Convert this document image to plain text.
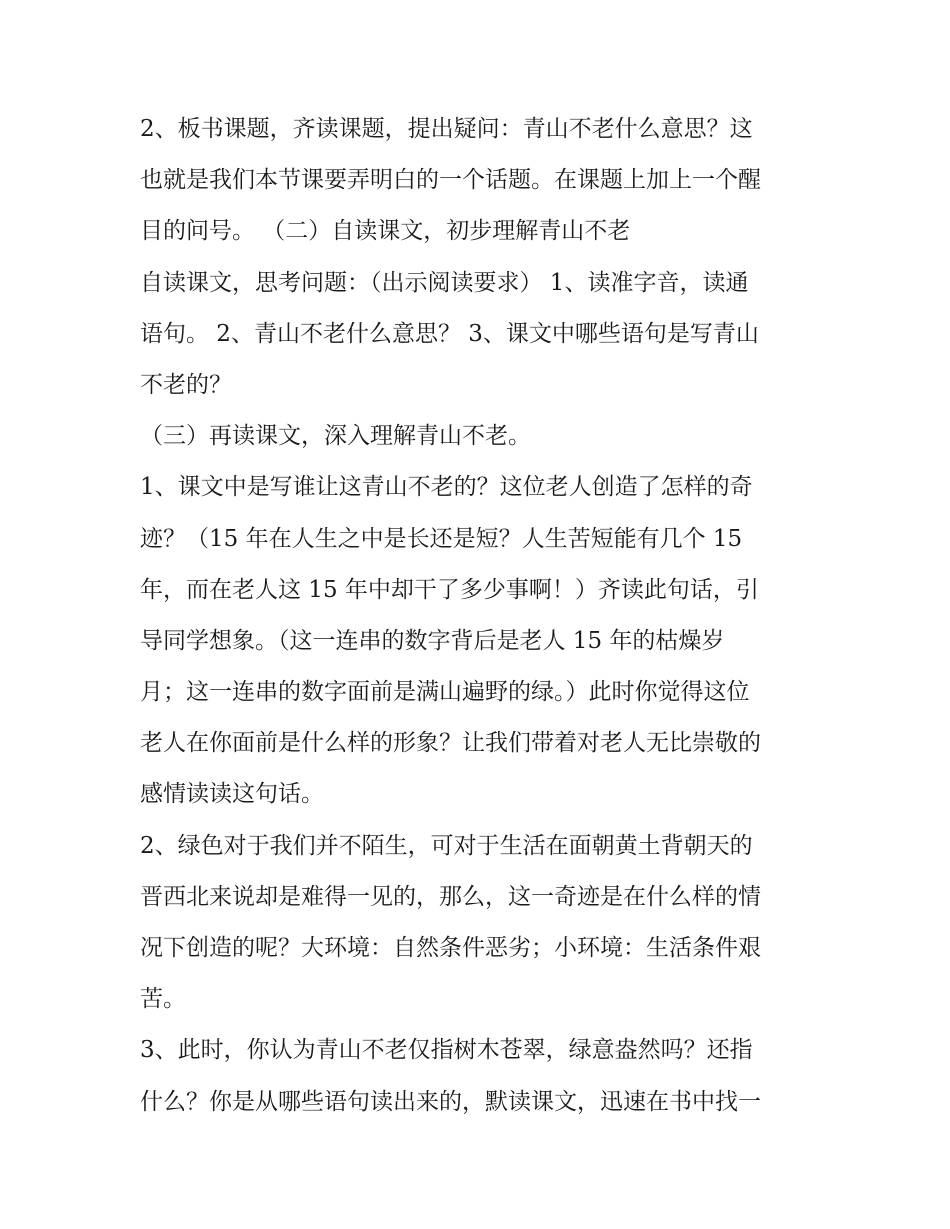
2、板书课题，齐读课题，提出疑问：青山不老什么意思？这
也就是我们本节课要弄明白的一个话题。在课题上加上一个醒
目的问号。 （二）自读课文，初步理解青山不老
自读课文，思考问题：（出示阅读要求） 1、读准字音，读通
语句。 2、青山不老什么意思？ 3、课文中哪些语句是写青山
不老的？
（三）再读课文，深入理解青山不老。
1、课文中是写谁让这青山不老的？这位老人创造了怎样的奇
迹？（15 年在人生之中是长还是短？人生苦短能有几个 15
年，而在老人这 15 年中却干了多少事啊！）齐读此句话，引
导同学想象。（这一连串的数字背后是老人 15 年的枯燥岁
月；这一连串的数字面前是满山遍野的绿。）此时你觉得这位
老人在你面前是什么样的形象？让我们带着对老人无比崇敬的
感情读读这句话。
2、绿色对于我们并不陌生，可对于生活在面朝黄土背朝天的
晋西北来说却是难得一见的，那么，这一奇迹是在什么样的情
况下创造的呢？大环境：自然条件恶劣；小环境：生活条件艰
苦。
3、此时，你认为青山不老仅指树木苍翠，绿意盎然吗？还指
什么？你是从哪些语句读出来的，默读课文，迅速在书中找一
